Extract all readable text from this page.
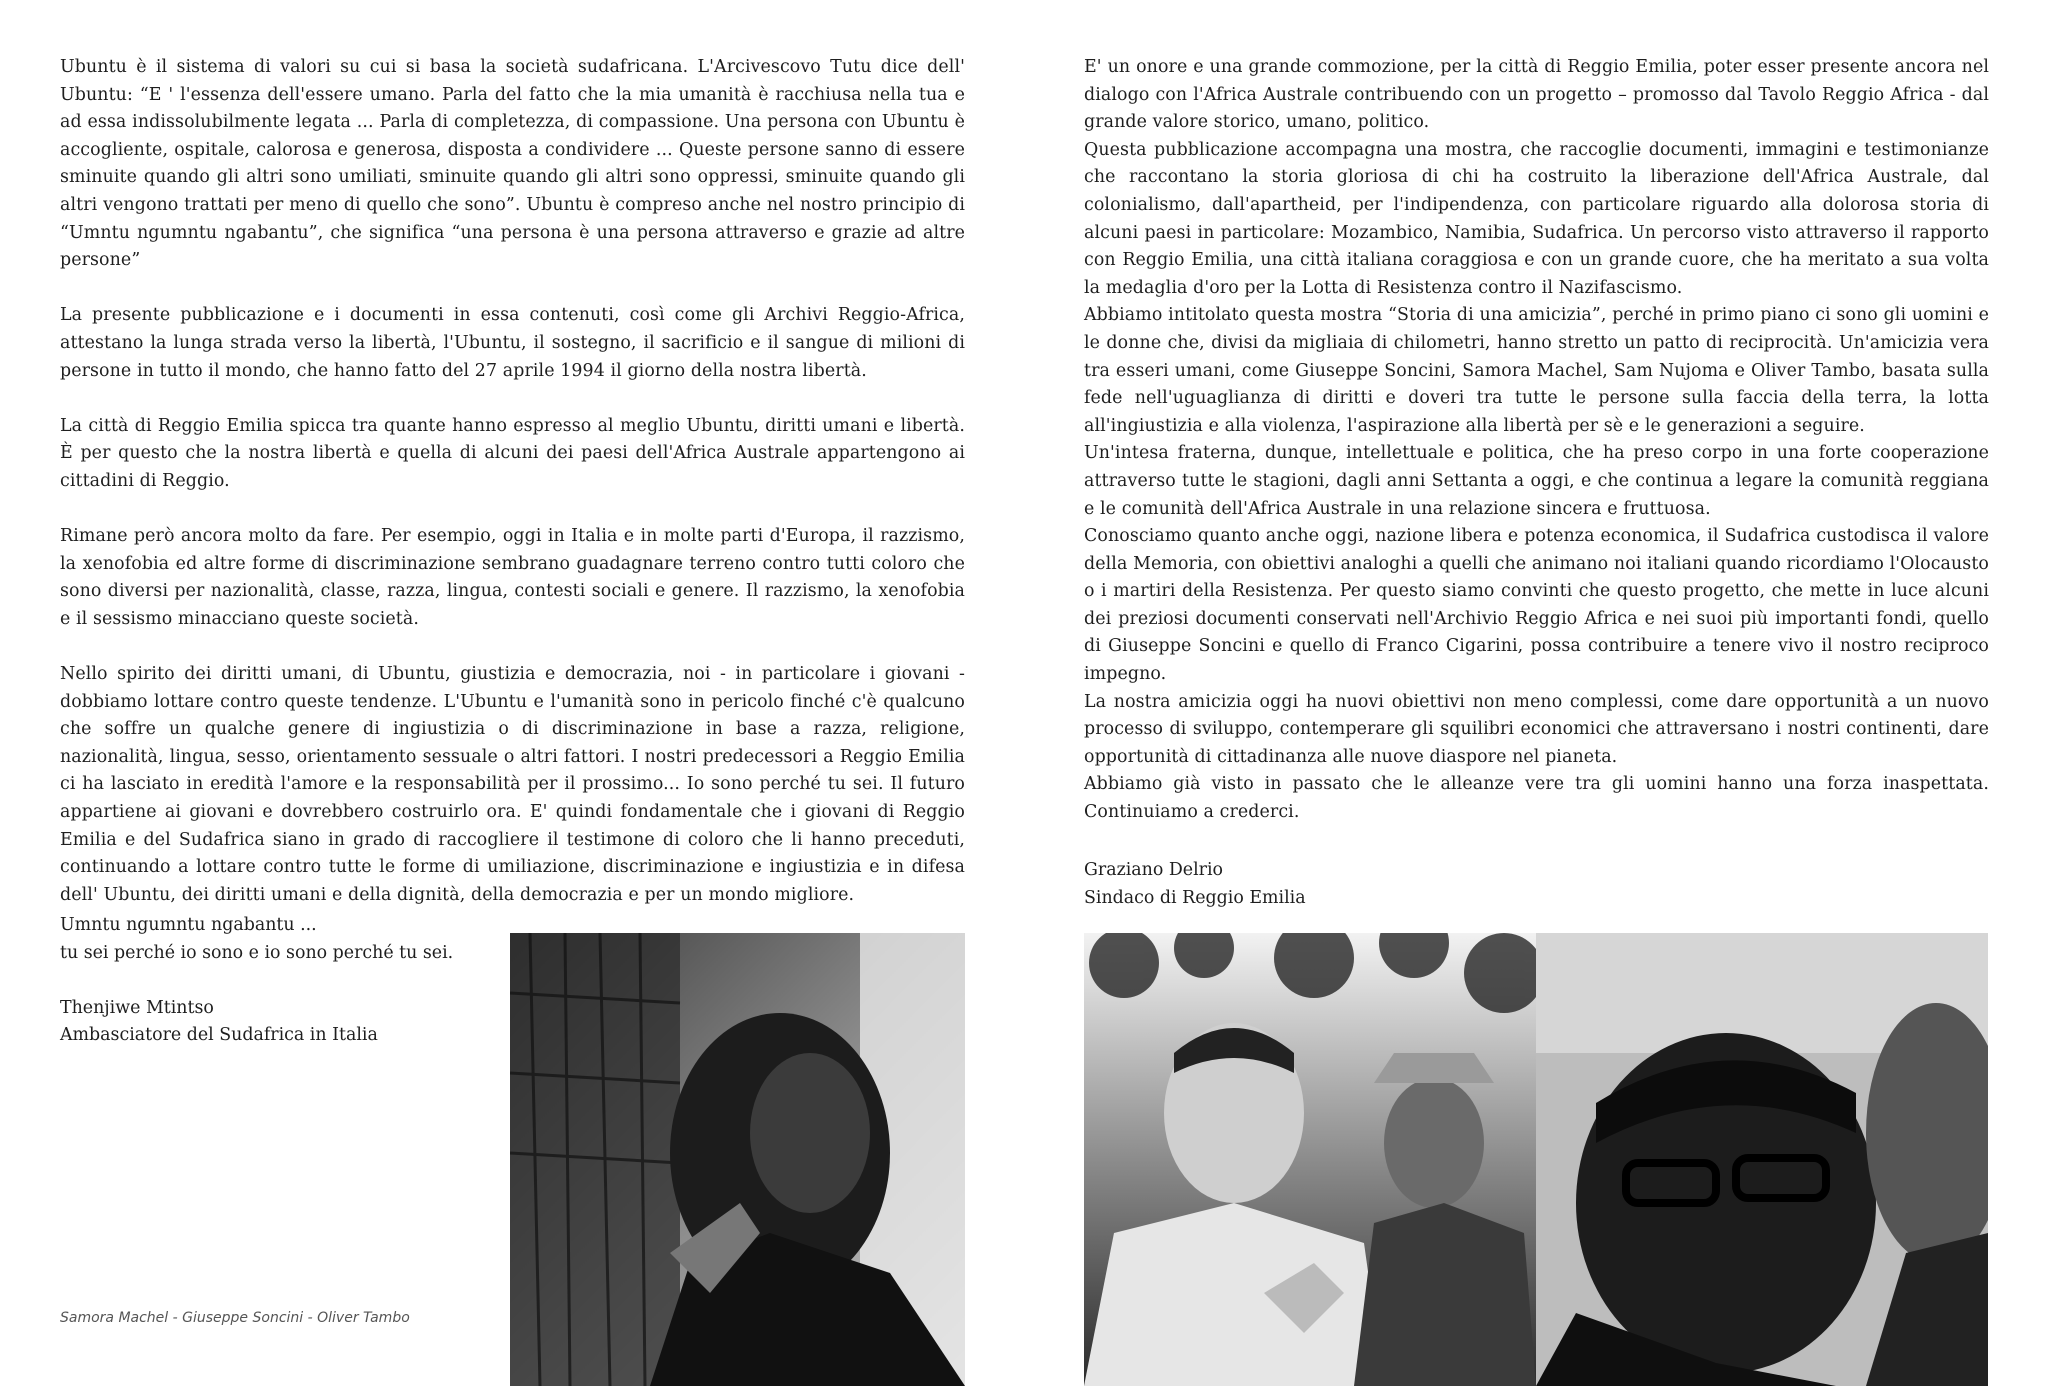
Ubuntu è il sistema di valori su cui si basa la società sudafricana. L'Arcivescovo Tutu dice dell' Ubuntu: “E ' l'essenza dell'essere umano. Parla del fatto che la mia umanità è racchiusa nella tua e ad essa indissolubilmente legata ... Parla di completezza, di compassione. Una persona con Ubuntu è accogliente, ospitale, calorosa e generosa, disposta a condividere ... Queste persone sanno di essere sminuite quando gli altri sono umiliati, sminuite quando gli altri sono oppressi, sminuite quando gli altri vengono trattati per meno di quello che sono”. Ubuntu è compreso anche nel nostro principio di “Umntu ngumntu ngabantu”, che significa “una persona è una persona attraverso e grazie ad altre persone”

La presente pubblicazione e i documenti in essa contenuti, così come gli Archivi Reggio-Africa, attestano la lunga strada verso la libertà, l'Ubuntu, il sostegno, il sacrificio e il sangue di milioni di persone in tutto il mondo, che hanno fatto del 27 aprile 1994 il giorno della nostra libertà.

La città di Reggio Emilia spicca tra quante hanno espresso al meglio Ubuntu, diritti umani e libertà. È per questo che la nostra libertà e quella di alcuni dei paesi dell'Africa Australe appartengono ai cittadini di Reggio.

Rimane però ancora molto da fare. Per esempio, oggi in Italia e in molte parti d'Europa, il razzismo, la xenofobia ed altre forme di discriminazione sembrano guadagnare terreno contro tutti coloro che sono diversi per nazionalità, classe, razza, lingua, contesti sociali e genere. Il razzismo, la xenofobia e il sessismo minacciano queste società.

Nello spirito dei diritti umani, di Ubuntu, giustizia e democrazia, noi - in particolare i giovani - dobbiamo lottare contro queste tendenze. L'Ubuntu e l'umanità sono in pericolo finché c'è qualcuno che soffre un qualche genere di ingiustizia o di discriminazione in base a razza, religione, nazionalità, lingua, sesso, orientamento sessuale o altri fattori. I nostri predecessori a Reggio Emilia ci ha lasciato in eredità l'amore e la responsabilità per il prossimo... Io sono perché tu sei. Il futuro appartiene ai giovani e dovrebbero costruirlo ora. E' quindi fondamentale che i giovani di Reggio Emilia e del Sudafrica siano in grado di raccogliere il testimone di coloro che li hanno preceduti, continuando a lottare contro tutte le forme di umiliazione, discriminazione e ingiustizia e in difesa dell' Ubuntu, dei diritti umani e della dignità, della democrazia e per un mondo migliore.

Umntu ngumntu ngabantu ...
tu sei perché io sono e io sono perché tu sei.
Thenjiwe Mtintso
Ambasciatore del Sudafrica in Italia
Samora Machel - Giuseppe Soncini - Oliver Tambo

E' un onore e una grande commozione, per la città di Reggio Emilia, poter esser presente ancora nel dialogo con l'Africa Australe contribuendo con un progetto – promosso dal Tavolo Reggio Africa - dal grande valore storico, umano, politico.

Questa pubblicazione accompagna una mostra, che raccoglie documenti, immagini e testimonianze che raccontano la storia gloriosa di chi ha costruito la liberazione dell'Africa Australe, dal colonialismo, dall'apartheid, per l'indipendenza, con particolare riguardo alla dolorosa storia di alcuni paesi in particolare: Mozambico, Namibia, Sudafrica. Un percorso visto attraverso il rapporto con Reggio Emilia, una città italiana coraggiosa e con un grande cuore, che ha meritato a sua volta la medaglia d'oro per la Lotta di Resistenza contro il Nazifascismo.

Abbiamo intitolato questa mostra “Storia di una amicizia”, perché in primo piano ci sono gli uomini e le donne che, divisi da migliaia di chilometri, hanno stretto un patto di reciprocità. Un'amicizia vera tra esseri umani, come Giuseppe Soncini, Samora Machel, Sam Nujoma e Oliver Tambo, basata sulla fede nell'uguaglianza di diritti e doveri tra tutte le persone sulla faccia della terra, la lotta all'ingiustizia e alla violenza, l'aspirazione alla libertà per sè e le generazioni a seguire.

Un'intesa fraterna, dunque, intellettuale e politica, che ha preso corpo in una forte cooperazione attraverso tutte le stagioni, dagli anni Settanta a oggi, e che continua a legare la comunità reggiana e le comunità dell'Africa Australe in una relazione sincera e fruttuosa.

Conosciamo quanto anche oggi, nazione libera e potenza economica, il Sudafrica custodisca il valore della Memoria, con obiettivi analoghi a quelli che animano noi italiani quando ricordiamo l'Olocausto o i martiri della Resistenza. Per questo siamo convinti che questo progetto, che mette in luce alcuni dei preziosi documenti conservati nell'Archivio Reggio Africa e nei suoi più importanti fondi, quello di Giuseppe Soncini e quello di Franco Cigarini, possa contribuire a tenere vivo il nostro reciproco impegno.

La nostra amicizia oggi ha nuovi obiettivi non meno complessi, come dare opportunità a un nuovo processo di sviluppo, contemperare gli squilibri economici che attraversano i nostri continenti, dare opportunità di cittadinanza alle nuove diaspore nel pianeta.

Abbiamo già visto in passato che le alleanze vere tra gli uomini hanno una forza inaspettata. Continuiamo a crederci.

Graziano Delrio
Sindaco di Reggio Emilia
